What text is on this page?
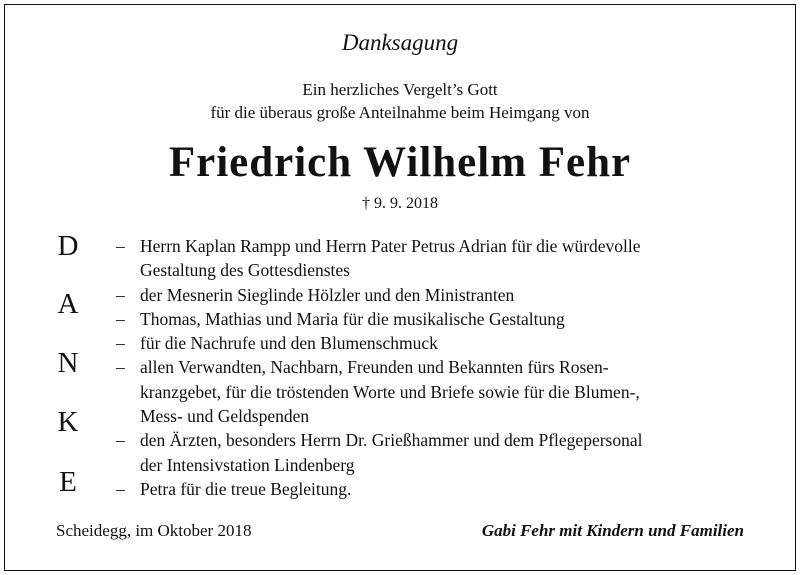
Danksagung
Ein herzliches Vergelt’s Gott
für die überaus große Anteilnahme beim Heimgang von
Friedrich Wilhelm Fehr
† 9. 9. 2018
D
A
N
K
E
– Herrn Kaplan Rampp und Herrn Pater Petrus Adrian für die würdevolle
Gestaltung des Gottesdienstes
– der Mesnerin Sieglinde Hölzler und den Ministranten
– Thomas, Mathias und Maria für die musikalische Gestaltung
– für die Nachrufe und den Blumenschmuck
– allen Verwandten, Nachbarn, Freunden und Bekannten fürs Rosen-
kranzgebet, für die tröstenden Worte und Briefe sowie für die Blumen-,
Mess- und Geldspenden
– den Ärzten, besonders Herrn Dr. Grießhammer und dem Pflegepersonal
der Intensivstation Lindenberg
– Petra für die treue Begleitung.
Scheidegg, im Oktober 2018	Gabi Fehr mit Kindern und Familien
